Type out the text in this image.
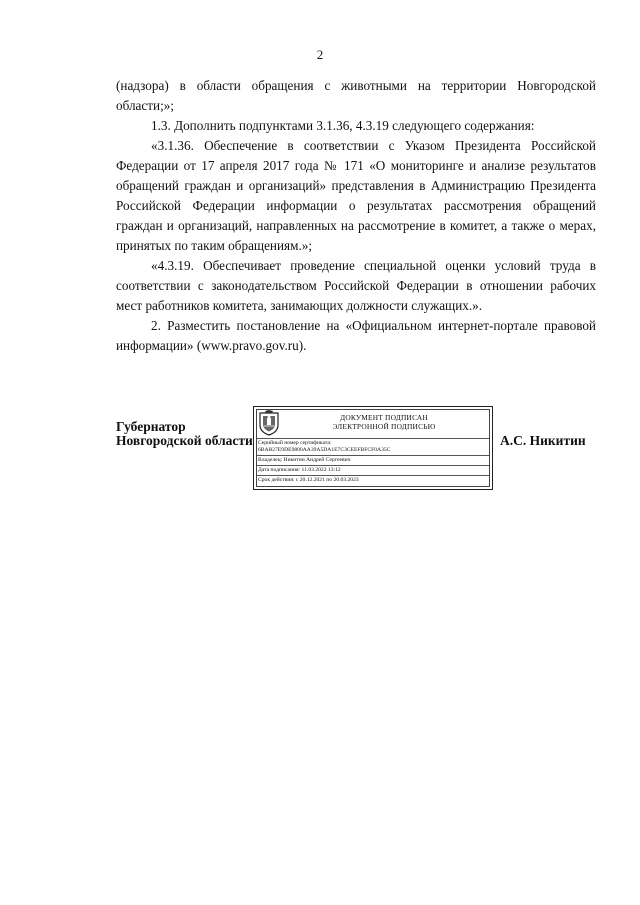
2

(надзора) в области обращения с животными на территории Новгородской области;»;

1.3. Дополнить подпунктами 3.1.36, 4.3.19 следующего содержания:

«3.1.36. Обеспечение в соответствии с Указом Президента Российской Федерации от 17 апреля 2017 года № 171 «О мониторинге и анализе результатов обращений граждан и организаций» представления в Администрацию Президента Российской Федерации информации о результатах рассмотрения обращений граждан и организаций, направленных на рассмотрение в комитет, а также о мерах, принятых по таким обращениям.»;

«4.3.19. Обеспечивает проведение специальной оценки условий труда в соответствии с законодательством Российской Федерации в отношении рабочих мест работников комитета, занимающих должности служащих.».

2. Разместить постановление на «Официальном интернет-портале правовой информации» (www.pravo.gov.ru).

Губернатор
Новгородской области
ДОКУМЕНТ ПОДПИСАН
ЭЛЕКТРОННОЙ ПОДПИСЬЮ
Серийный номер сертификата:
6BAB27E9DE9800AA39A5DA1E7C3CEEFBFCF0A35C
Владелец: Никитин Андрей Сергеевич
Дата подписания: 11.03.2022 13:12
Срок действия: с 20.12.2021 по 20.03.2023
А.С. Никитин
